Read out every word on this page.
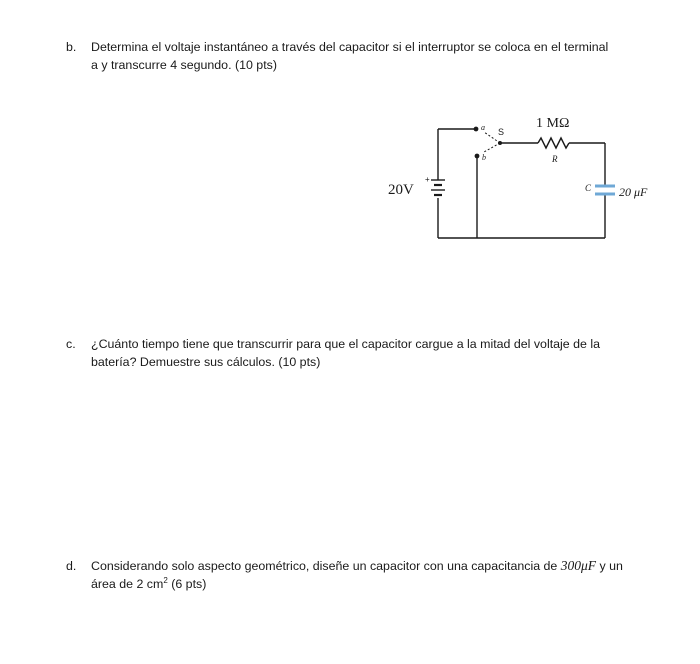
b. Determina el voltaje instantáneo a través del capacitor si el interruptor se coloca en el terminal
a y transcurre 4 segundo. (10 pts)
20V
+
1 MΩ
R
S
a
b
C 20 μF
c. ¿Cuánto tiempo tiene que transcurrir para que el capacitor cargue a la mitad del voltaje de la
batería? Demuestre sus cálculos. (10 pts)
d. Considerando solo aspecto geométrico, diseñe un capacitor con una capacitancia de 300μF y un
área de 2 $cm^2$ (6 pts)
